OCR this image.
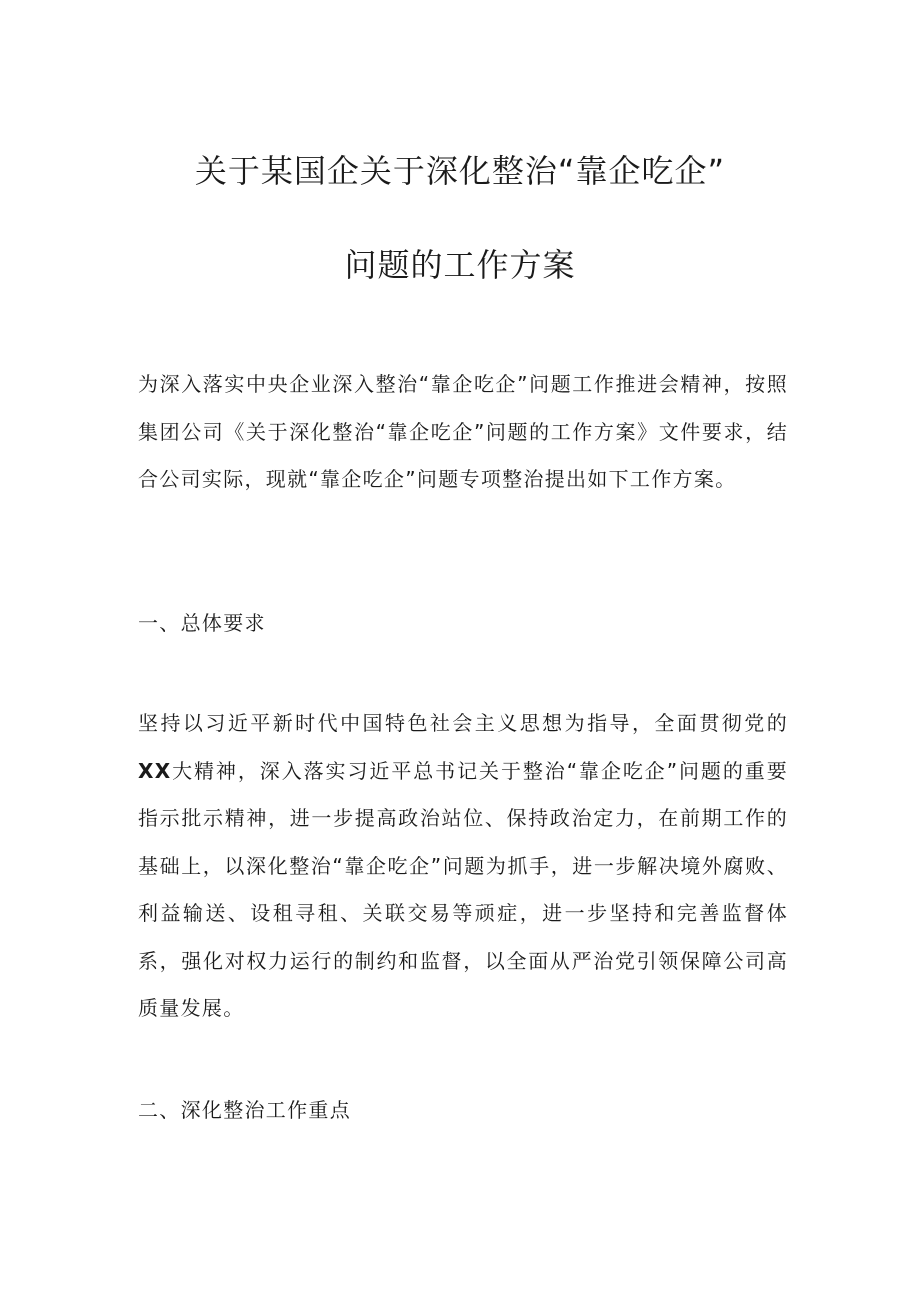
关于某国企关于深化整治“靠企吃企”
问题的工作方案
为深入落实中央企业深入整治“靠企吃企”问题工作推进会精神，按照集团公司《关于深化整治“靠企吃企”问题的工作方案》文件要求，结合公司实际，现就“靠企吃企”问题专项整治提出如下工作方案。
一、总体要求
坚持以习近平新时代中国特色社会主义思想为指导，全面贯彻党的XX大精神，深入落实习近平总书记关于整治“靠企吃企”问题的重要指示批示精神，进一步提高政治站位、保持政治定力，在前期工作的基础上，以深化整治“靠企吃企”问题为抓手，进一步解决境外腐败、利益输送、设租寻租、关联交易等顽症，进一步坚持和完善监督体系，强化对权力运行的制约和监督，以全面从严治党引领保障公司高质量发展。
二、深化整治工作重点
